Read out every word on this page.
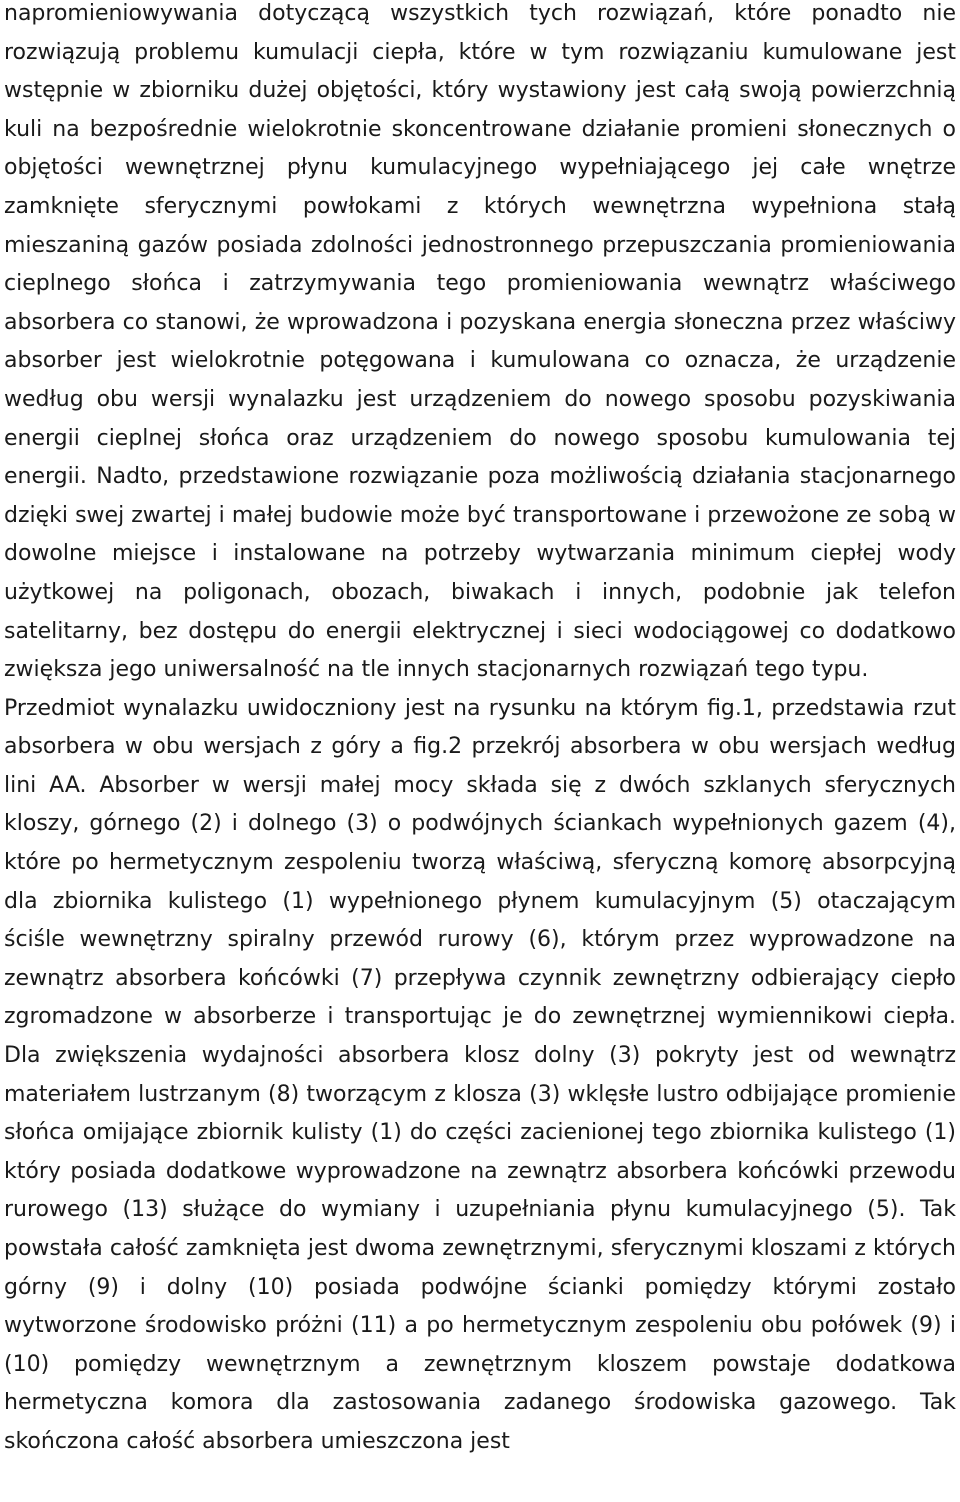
napromieniowywania dotyczącą wszystkich tych rozwiązań, które ponadto nie rozwiązują problemu kumulacji ciepła, które w tym rozwiązaniu kumulowane jest wstępnie w zbiorniku dużej objętości, który wystawiony jest całą swoją powierzchnią kuli na bezpośrednie wielokrotnie skoncentrowane działanie promieni słonecznych o objętości wewnętrznej płynu kumulacyjnego wypełniającego jej całe wnętrze zamknięte sferycznymi powłokami z których wewnętrzna wypełniona stałą mieszaniną gazów posiada zdolności jednostronnego przepuszczania promieniowania cieplnego słońca i zatrzymywania tego promieniowania wewnątrz właściwego absorbera co stanowi, że wprowadzona i pozyskana energia słoneczna przez właściwy absorber jest wielokrotnie potęgowana i kumulowana co oznacza, że urządzenie według obu wersji wynalazku jest urządzeniem do nowego sposobu pozyskiwania energii cieplnej słońca oraz urządzeniem do nowego sposobu kumulowania tej energii. Nadto, przedstawione rozwiązanie poza możliwością działania stacjonarnego dzięki swej zwartej i małej budowie może być transportowane i przewożone ze sobą w dowolne miejsce i instalowane na potrzeby wytwarzania minimum ciepłej wody użytkowej na poligonach, obozach, biwakach i innych, podobnie jak telefon satelitarny, bez dostępu do energii elektrycznej i sieci wodociągowej co dodatkowo zwiększa jego uniwersalność na tle innych stacjonarnych rozwiązań tego typu.

Przedmiot wynalazku uwidoczniony jest na rysunku na którym fig.1, przedstawia rzut absorbera w obu wersjach z góry a fig.2 przekrój absorbera w obu wersjach według lini AA. Absorber w wersji małej mocy składa się z dwóch szklanych sferycznych kloszy, górnego (2) i dolnego (3) o podwójnych ściankach wypełnionych gazem (4), które po hermetycznym zespoleniu tworzą właściwą, sferyczną komorę absorpcyjną dla zbiornika kulistego (1) wypełnionego płynem kumulacyjnym (5) otaczającym ściśle wewnętrzny spiralny przewód rurowy (6), którym przez wyprowadzone na zewnątrz absorbera końcówki (7) przepływa czynnik zewnętrzny odbierający ciepło zgromadzone w absorberze i transportując je do zewnętrznej wymiennikowi ciepła. Dla zwiększenia wydajności absorbera klosz dolny (3) pokryty jest od wewnątrz materiałem lustrzanym (8) tworzącym z klosza (3) wklęsłe lustro odbijające promienie słońca omijające zbiornik kulisty (1) do części zacienionej tego zbiornika kulistego (1) który posiada dodatkowe wyprowadzone na zewnątrz absorbera końcówki przewodu rurowego (13) służące do wymiany i uzupełniania płynu kumulacyjnego (5). Tak powstała całość zamknięta jest dwoma zewnętrznymi, sferycznymi kloszami z których górny (9) i dolny (10) posiada podwójne ścianki pomiędzy którymi zostało wytworzone środowisko próżni (11) a po hermetycznym zespoleniu obu połówek (9) i (10) pomiędzy wewnętrznym a zewnętrznym kloszem powstaje dodatkowa hermetyczna komora dla zastosowania zadanego środowiska gazowego. Tak skończona całość absorbera umieszczona jest
